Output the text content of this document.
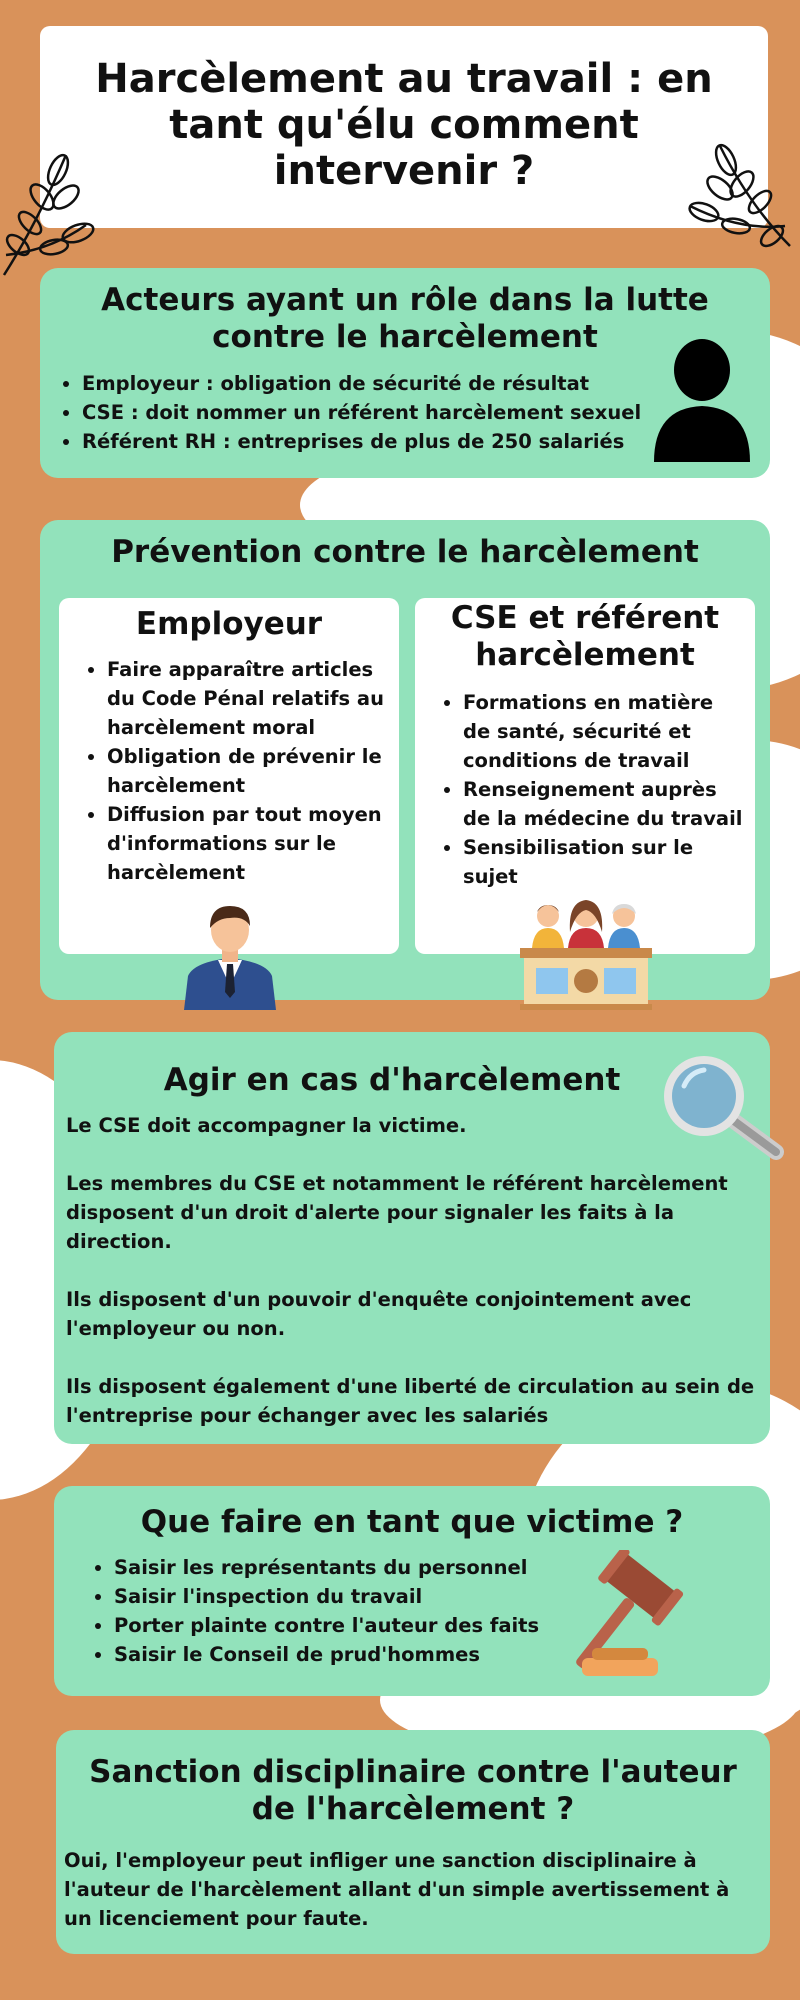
Harcèlement au travail : en tant qu'élu comment intervenir ?
Acteurs ayant un rôle dans la lutte contre le harcèlement
• Employeur : obligation de sécurité de résultat
• CSE : doit nommer un référent harcèlement sexuel
• Référent RH : entreprises de plus de 250 salariés
Prévention contre le harcèlement
Employeur
• Faire apparaître articles du Code Pénal relatifs au harcèlement moral
• Obligation de prévenir le harcèlement
• Diffusion par tout moyen d'informations sur le harcèlement
CSE et référent harcèlement
• Formations en matière de santé, sécurité et conditions de travail
• Renseignement auprès de la médecine du travail
• Sensibilisation sur le sujet
Agir en cas d'harcèlement

Le CSE doit accompagner la victime.

Les membres du CSE et notamment le référent harcèlement disposent d'un droit d'alerte pour signaler les faits à la direction.

Ils disposent d'un pouvoir d'enquête conjointement avec l'employeur ou non.

Ils disposent également d'une liberté de circulation au sein de l'entreprise pour échanger avec les salariés

Que faire en tant que victime ?
• Saisir les représentants du personnel
• Saisir l'inspection du travail
• Porter plainte contre l'auteur des faits
• Saisir le Conseil de prud'hommes
Sanction disciplinaire contre l'auteur de l'harcèlement ?

Oui, l'employeur peut infliger une sanction disciplinaire à l'auteur de l'harcèlement allant d'un simple avertissement à un licenciement pour faute.
